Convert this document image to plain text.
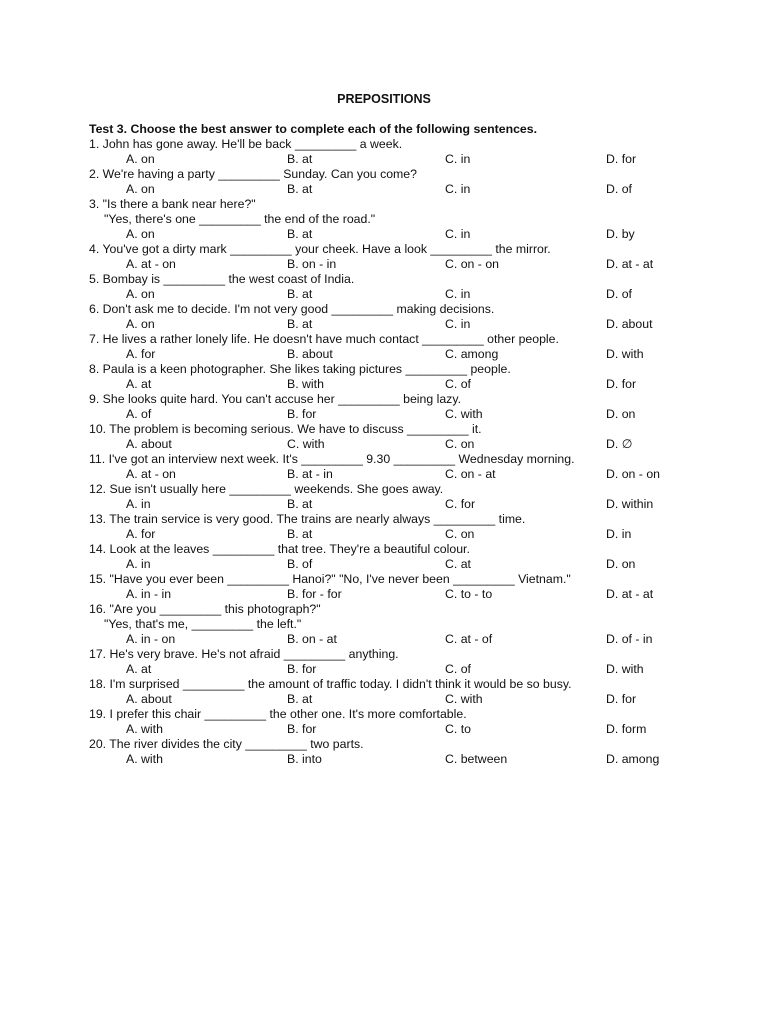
PREPOSITIONS
Test 3. Choose the best answer to complete each of the following sentences.
1. John has gone away. He'll be back _________ a week.
A. on	B. at	C. in	D. for
2. We're having a party _________ Sunday. Can you come?
A. on	B. at	C. in	D. of
3. "Is there a bank near here?"
"Yes, there's one _________ the end of the road."
A. on	B. at	C. in	D. by
4. You've got a dirty mark _________ your cheek. Have a look _________ the mirror.
A. at - on	B. on - in	C. on - on	D. at - at
5. Bombay is _________ the west coast of India.
A. on	B. at	C. in	D. of
6. Don't ask me to decide. I'm not very good _________ making decisions.
A. on	B. at	C. in	D. about
7. He lives a rather lonely life. He doesn't have much contact _________ other people.
A. for	B. about	C. among	D. with
8. Paula is a keen photographer. She likes taking pictures _________ people.
A. at	B. with	C. of	D. for
9. She looks quite hard. You can't accuse her _________ being lazy.
A. of	B. for	C. with	D. on
10. The problem is becoming serious. We have to discuss _________ it.
A. about	C. with	C. on	D. ∅
11. I've got an interview next week. It's _________ 9.30 _________ Wednesday morning.
A. at - on	B. at - in	C. on - at	D. on - on
12. Sue isn't usually here _________ weekends. She goes away.
A. in	B. at	C. for	D. within
13. The train service is very good. The trains are nearly always _________ time.
A. for	B. at	C. on	D. in
14. Look at the leaves _________ that tree. They're a beautiful colour.
A. in	B. of	C. at	D. on
15. "Have you ever been _________ Hanoi?" "No, I've never been _________ Vietnam."
A. in - in	B. for - for	C. to - to	D. at - at
16. "Are you _________ this photograph?"
"Yes, that's me, _________ the left."
A. in - on	B. on - at	C. at - of	D. of - in
17. He's very brave. He's not afraid _________ anything.
A. at	B. for	C. of	D. with
18. I'm surprised _________ the amount of traffic today. I didn't think it would be so busy.
A. about	B. at	C. with	D. for
19. I prefer this chair _________ the other one. It's more comfortable.
A. with	B. for	C. to	D. form
20. The river divides the city _________ two parts.
A. with	B. into	C. between	D. among
